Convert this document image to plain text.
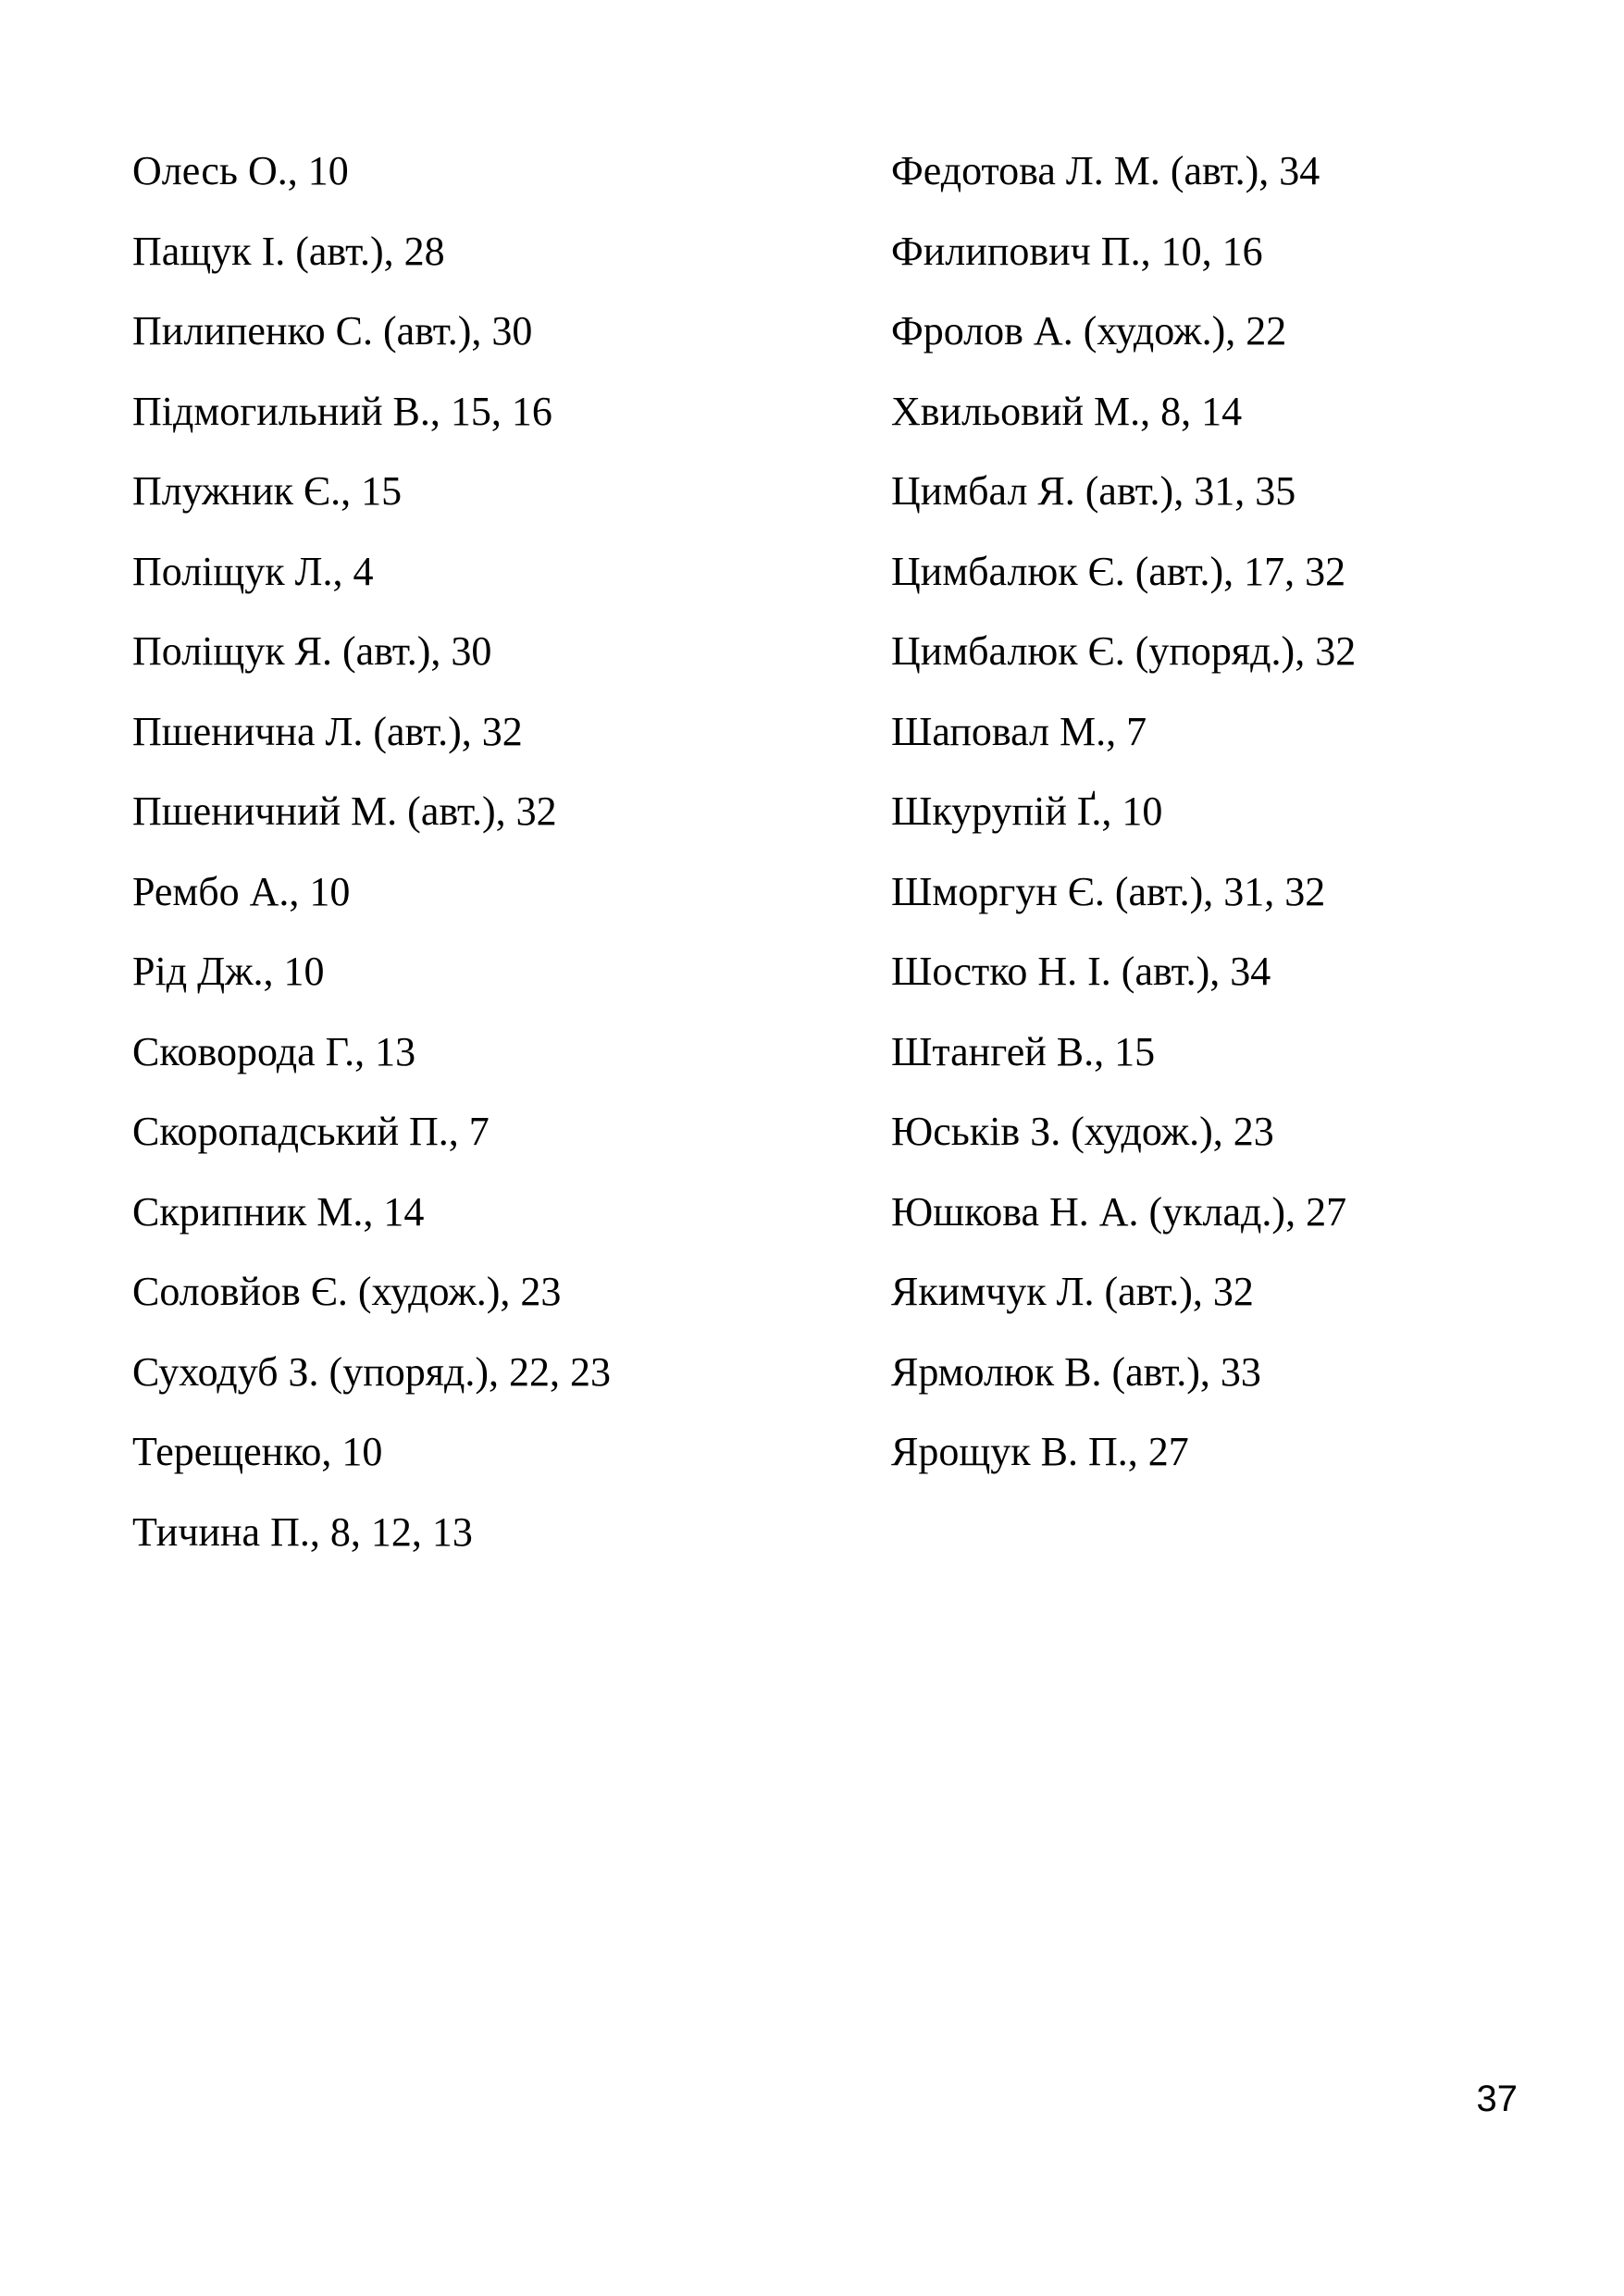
Олесь О., 10
Пащук І. (авт.), 28
Пилипенко С. (авт.), 30
Підмогильний В., 15, 16
Плужник Є., 15
Поліщук Л., 4
Поліщук Я. (авт.), 30
Пшенична Л. (авт.), 32
Пшеничний М. (авт.), 32
Рембо А., 10
Рід Дж., 10
Сковорода Г., 13
Скоропадський П., 7
Скрипник М., 14
Соловйов Є. (худож.), 23
Суходуб З. (упоряд.), 22, 23
Терещенко, 10
Тичина П., 8, 12, 13
Федотова Л. М. (авт.), 34
Филипович П., 10, 16
Фролов А. (худож.), 22
Хвильовий М., 8, 14
Цимбал Я. (авт.), 31, 35
Цимбалюк Є. (авт.), 17, 32
Цимбалюк Є. (упоряд.), 32
Шаповал М., 7
Шкурупій Ґ., 10
Шморгун Є. (авт.), 31, 32
Шостко Н. І. (авт.), 34
Штангей В., 15
Юськів З. (худож.), 23
Юшкова Н. А. (уклад.), 27
Якимчук Л. (авт.), 32
Ярмолюк В. (авт.), 33
Ярощук В. П., 27
37
